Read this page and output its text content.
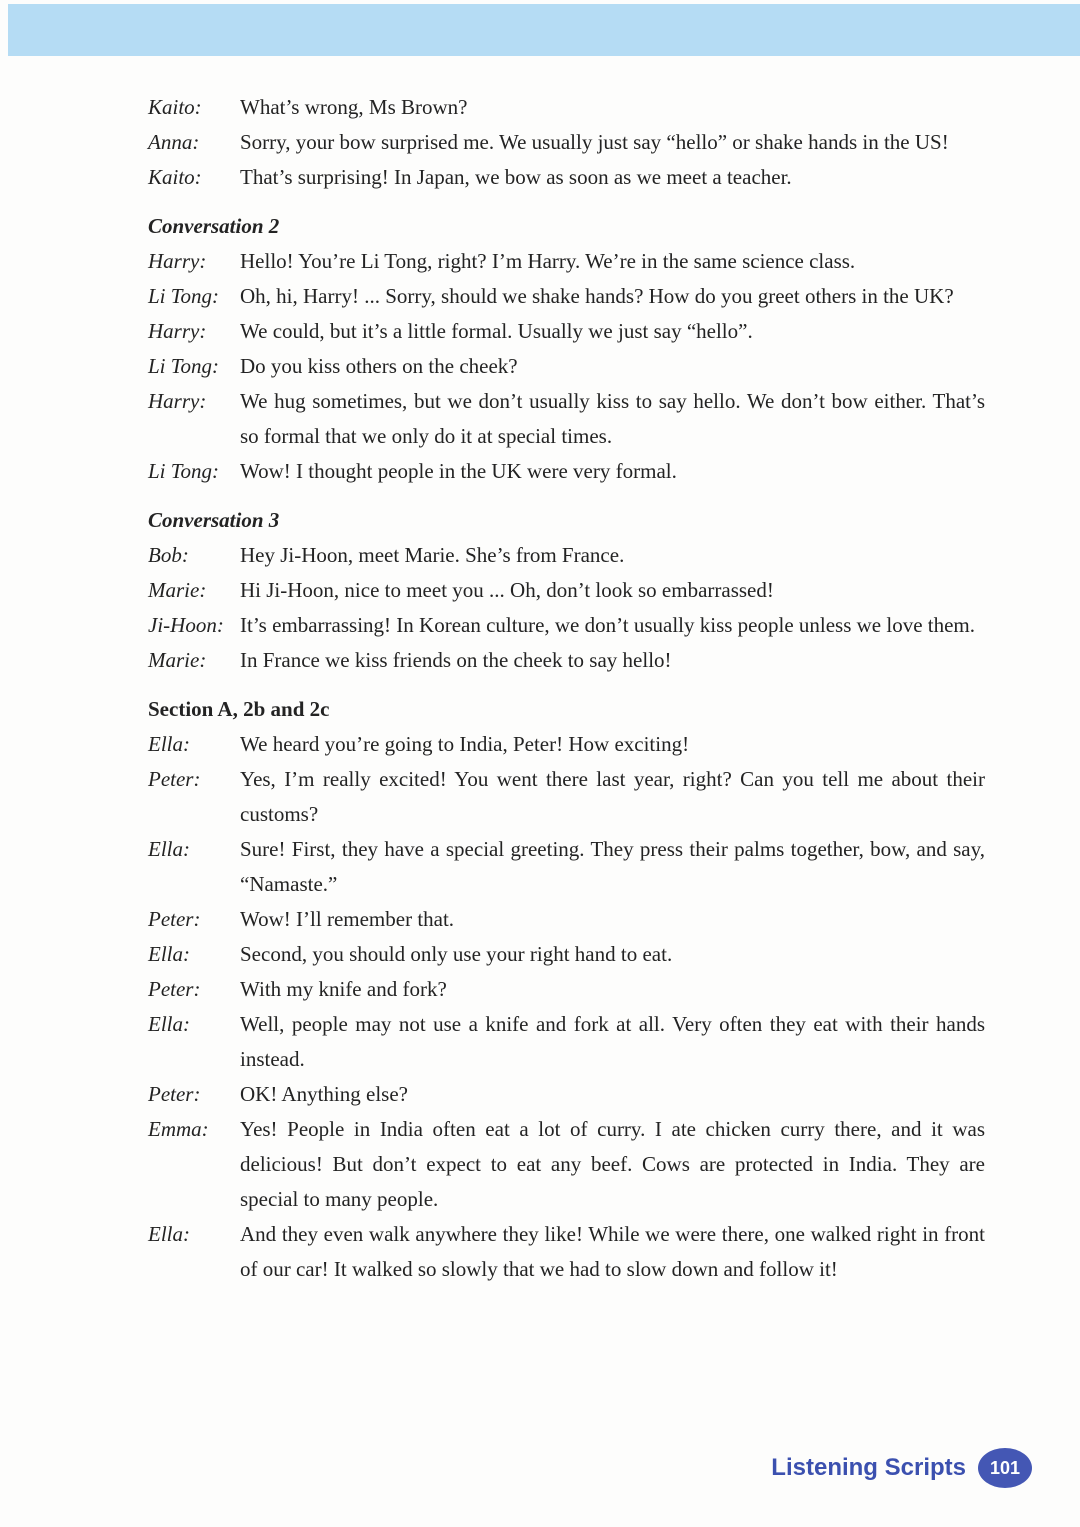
Kaito:	What’s wrong, Ms Brown?

Anna:	Sorry, your bow surprised me. We usually just say “hello” or shake hands in the US!

Kaito:	That’s surprising! In Japan, we bow as soon as we meet a teacher.

Conversation 2

Harry:	Hello! You’re Li Tong, right? I’m Harry. We’re in the same science class.

Li Tong: Oh, hi, Harry! ... Sorry, should we shake hands? How do you greet others in the UK?

Harry:	We could, but it’s a little formal. Usually we just say “hello”.

Li Tong: Do you kiss others on the cheek?

Harry:	We hug sometimes, but we don’t usually kiss to say hello. We don’t bow either. That’s so formal that we only do it at special times.

Li Tong: Wow! I thought people in the UK were very formal.

Conversation 3

Bob:	Hey Ji-Hoon, meet Marie. She’s from France.

Marie:	Hi Ji-Hoon, nice to meet you ... Oh, don’t look so embarrassed!

Ji-Hoon: It’s embarrassing! In Korean culture, we don’t usually kiss people unless we love them.

Marie:	In France we kiss friends on the cheek to say hello!

Section A, 2b and 2c

Ella:	We heard you’re going to India, Peter! How exciting!

Peter:	Yes, I’m really excited! You went there last year, right? Can you tell me about their customs?

Ella:	Sure! First, they have a special greeting. They press their palms together, bow, and say, “Namaste.”

Peter:	Wow! I’ll remember that.

Ella:	Second, you should only use your right hand to eat.

Peter:	With my knife and fork?

Ella:	Well, people may not use a knife and fork at all. Very often they eat with their hands instead.

Peter:	OK! Anything else?

Emma:	Yes! People in India often eat a lot of curry. I ate chicken curry there, and it was delicious! But don’t expect to eat any beef. Cows are protected in India. They are special to many people.

Ella:	And they even walk anywhere they like! While we were there, one walked right in front of our car! It walked so slowly that we had to slow down and follow it!

Listening Scripts 101
